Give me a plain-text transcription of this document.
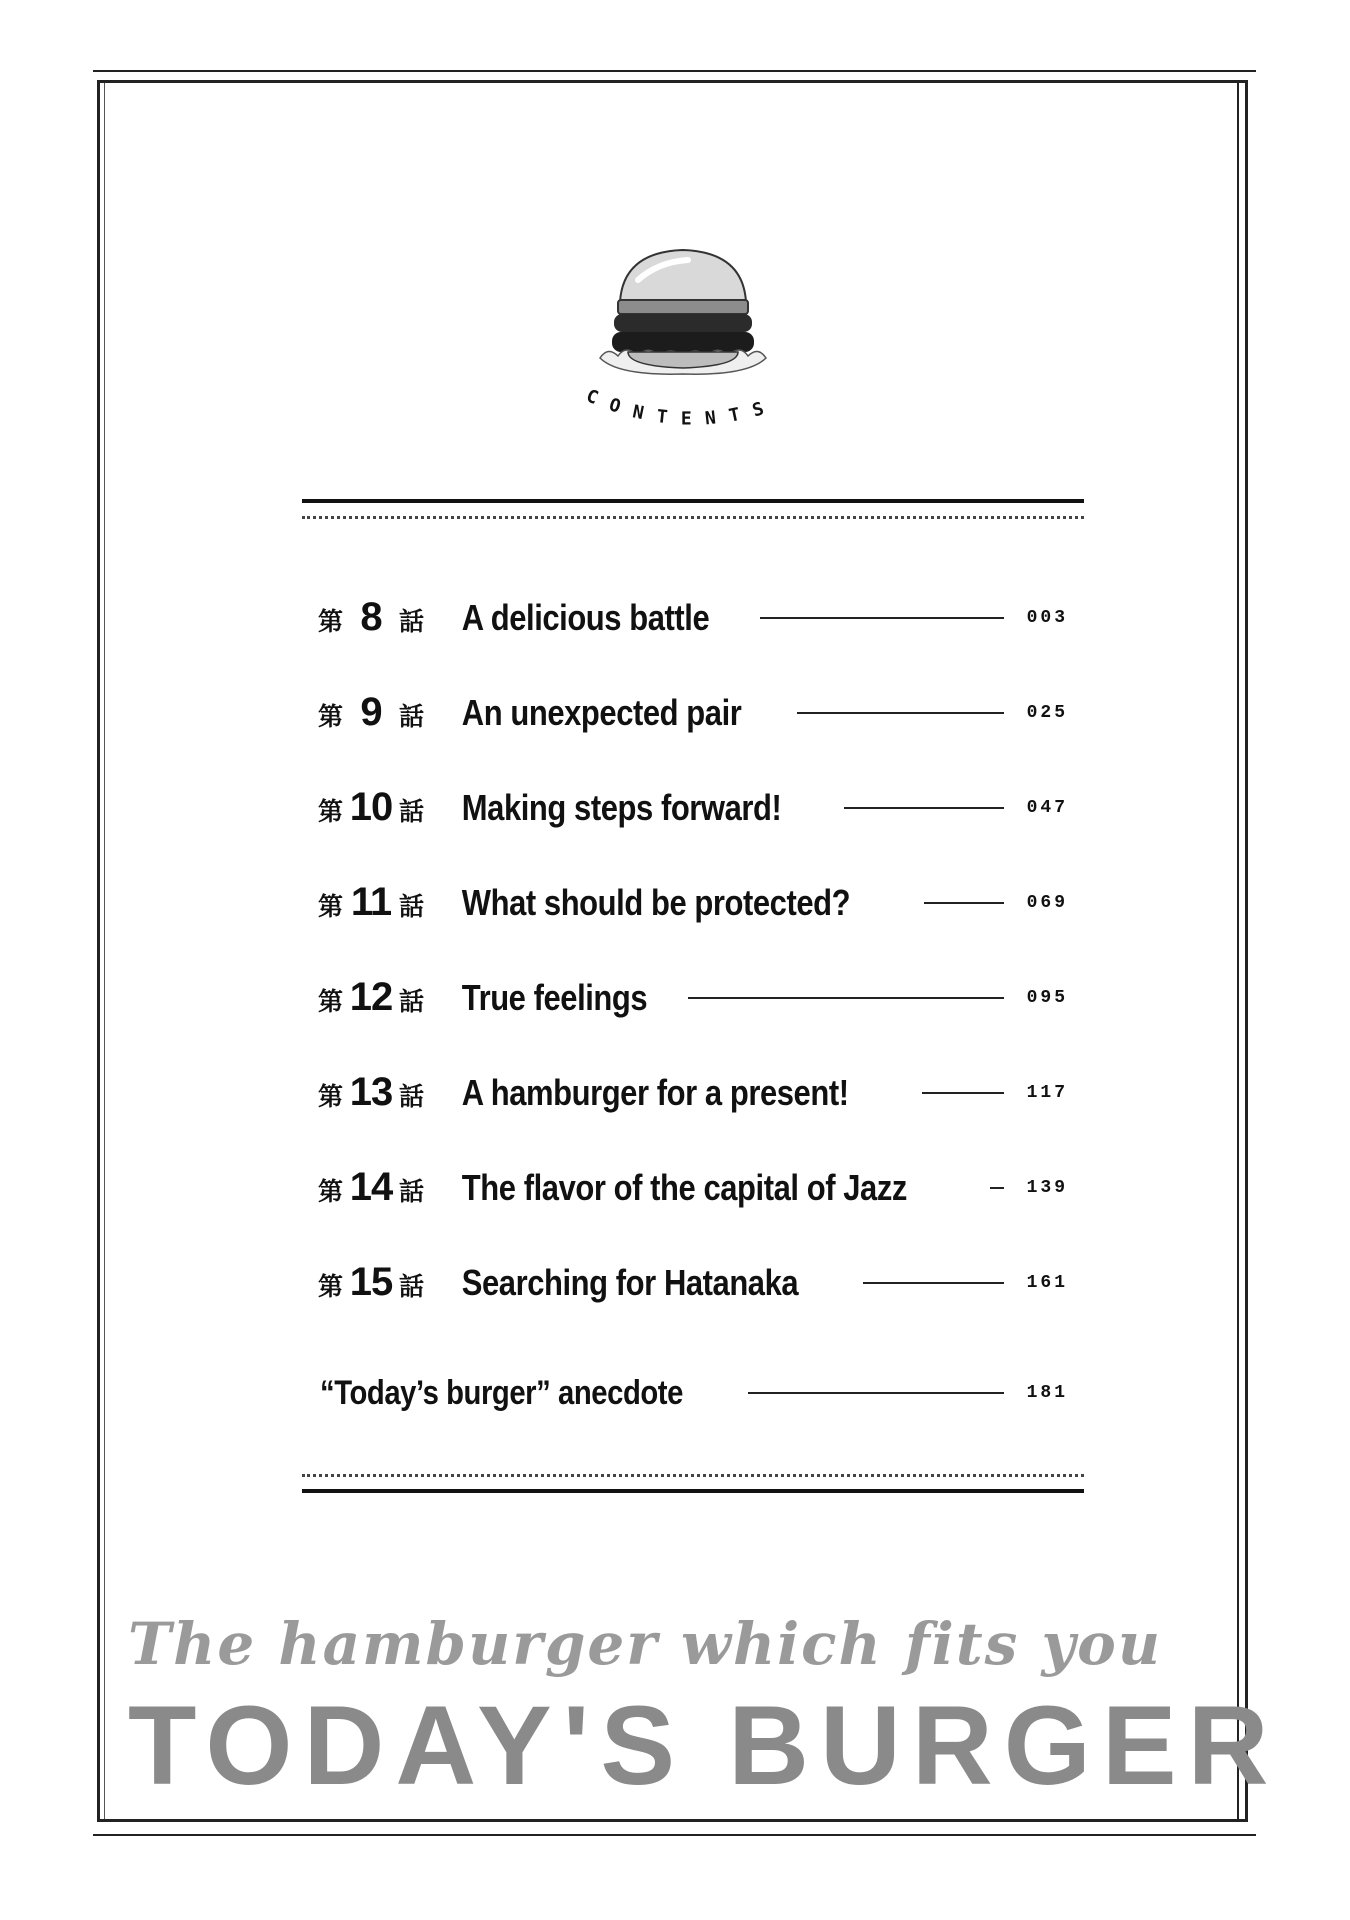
CONTENTS
第 8 話	A delicious battle	003
第 9 話	An unexpected pair	025
第 10 話	Making steps forward!	047
第 11 話	What should be protected?	069
第 12 話	True feelings	095
第 13 話	A hamburger for a present!	117
第 14 話	The flavor of the capital of Jazz	139
第 15 話	Searching for Hatanaka	161
“Today’s burger” anecdote	181
The hamburger which fits you
TODAY'S BURGER
